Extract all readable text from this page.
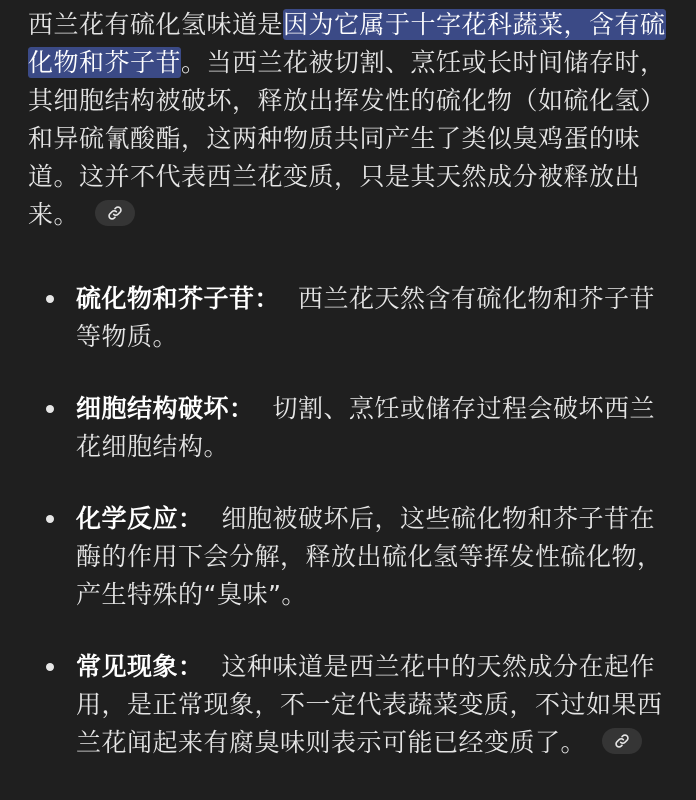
西兰花有硫化氢味道是因为它属于十字花科蔬菜，含有硫化物和芥子苷。当西兰花被切割、烹饪或长时间储存时，其细胞结构被破坏，释放出挥发性的硫化物（如硫化氢）和异硫氰酸酯，这两种物质共同产生了类似臭鸡蛋的味道。这并不代表西兰花变质，只是其天然成分被释放出来。

硫化物和芥子苷： 西兰花天然含有硫化物和芥子苷等物质。
细胞结构破坏： 切割、烹饪或储存过程会破坏西兰花细胞结构。
化学反应： 细胞被破坏后，这些硫化物和芥子苷在酶的作用下会分解，释放出硫化氢等挥发性硫化物，产生特殊的“臭味”。
常见现象： 这种味道是西兰花中的天然成分在起作用，是正常现象，不一定代表蔬菜变质，不过如果西兰花闻起来有腐臭味则表示可能已经变质了。
